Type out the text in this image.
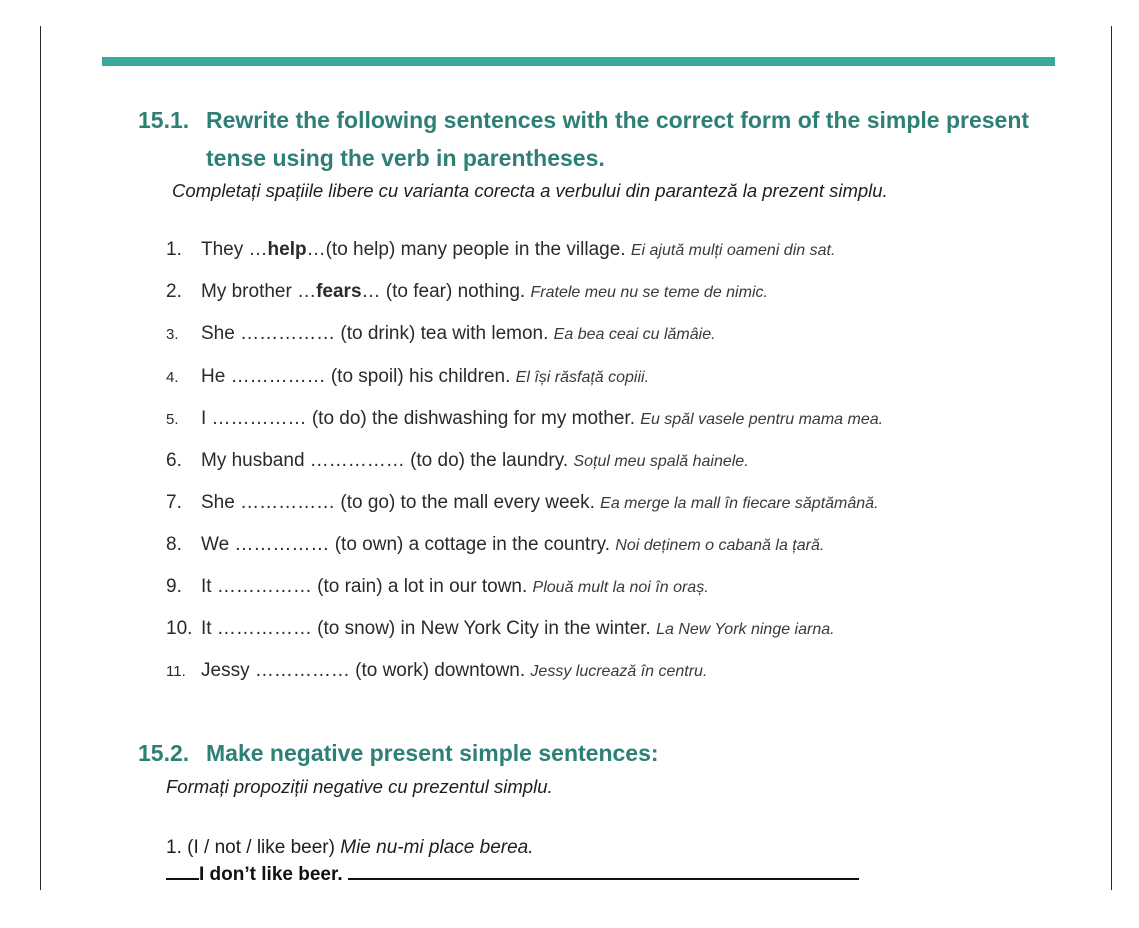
15.1. Rewrite the following sentences with the correct form of the simple present
tense using the verb in parentheses.
Completați spațiile libere cu varianta corecta a verbului din paranteză la prezent simplu.
1. They …help…(to help) many people in the village. Ei ajută mulți oameni din sat.
2. My brother …fears… (to fear) nothing. Fratele meu nu se teme de nimic.
3. She …………… (to drink) tea with lemon. Ea bea ceai cu lămâie.
4. He …………… (to spoil) his children. El își răsfață copiii.
5. I …………… (to do) the dishwashing for my mother. Eu spăl vasele pentru mama mea.
6. My husband …………… (to do) the laundry. Soțul meu spală hainele.
7. She …………… (to go) to the mall every week. Ea merge la mall în fiecare săptămână.
8. We …………… (to own) a cottage in the country. Noi deținem o cabană la țară.
9. It …………… (to rain) a lot in our town. Plouă mult la noi în oraș.
10. It …………… (to snow) in New York City in the winter. La New York ninge iarna.
11. Jessy …………… (to work) downtown. Jessy lucrează în centru.
15.2. Make negative present simple sentences:
Formați propoziții negative cu prezentul simplu.
1. (I / not / like beer) Mie nu-mi place berea.
I don’t like beer.
